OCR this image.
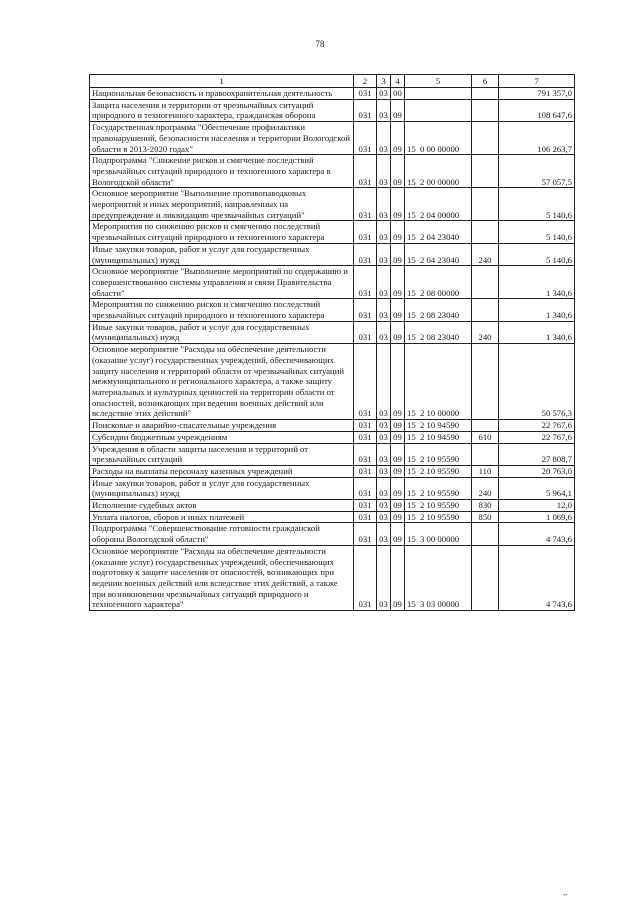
78
1	2	3	4	5	6	7
Национальная безопасность и правоохранительная деятельность	031	03	00			791 357,0
Защита населения и территории от чрезвычайных ситуаций природного и техногенного характера, гражданская оборона	031	03	09			108 647,6
Государственная программа "Обеспечение профилактики правонарушений, безопасности населения и территории Вологодской области в 2013-2020 годах"	031	03	09	15  0 00 00000		106 263,7
Подпрограмма "Снижение рисков и смягчение последствий чрезвычайных ситуаций природного и техногенного характера в Вологодской области"	031	03	09	15  2 00 00000		57 057,5
Основное мероприятие "Выполнение противопаводковых мероприятий и иных мероприятий, направленных на предупреждение и ликвидацию чрезвычайных ситуаций"	031	03	09	15  2 04 00000		5 140,6
Мероприятия по снижению рисков и смягчению последствий чрезвычайных ситуаций природного и техногенного характера	031	03	09	15  2 04 23040		5 140,6
Иные закупки товаров, работ и услуг для государственных (муниципальных) нужд	031	03	09	15  2 04 23040	240	5 140,6
Основное мероприятие "Выполнение мероприятий по содержанию и совершенствованию системы управления и связи Правительства области"	031	03	09	15  2 08 00000		1 340,6
Мероприятия по снижению рисков и смягчению последствий чрезвычайных ситуаций природного и техногенного характера	031	03	09	15  2 08 23040		1 340,6
Иные закупки товаров, работ и услуг для государственных (муниципальных) нужд	031	03	09	15  2 08 23040	240	1 340,6
Основное мероприятие "Расходы на обеспечение деятельности (оказание услуг) государственных учреждений, обеспечивающих защиту населения и территорий области от чрезвычайных ситуаций межмуниципального и регионального характера, а также защиту материальных и культурных ценностей на территории области от опасностей, возникающих при ведении военных действий или вследствие этих действий"	031	03	09	15  2 10 00000		50 576,3
Поисковые и аварийно-спасательные учреждения	031	03	09	15  2 10 94590		22 767,6
Субсидии бюджетным учреждениям	031	03	09	15  2 10 94590	610	22 767,6
Учреждения в области защиты населения и территорий от чрезвычайных ситуаций	031	03	09	15  2 10 95590		27 808,7
Расходы на выплаты персоналу казенных учреждений	031	03	09	15  2 10 95590	110	20 763,0
Иные закупки товаров, работ и услуг для государственных (муниципальных) нужд	031	03	09	15  2 10 95590	240	5 964,1
Исполнение судебных актов	031	03	09	15  2 10 95590	830	12,0
Уплата налогов, сборов и иных платежей	031	03	09	15  2 10 95590	850	1 069,6
Подпрограмма "Совершенствование готовности гражданской обороны Вологодской области"	031	03	09	15  3 00 00000		4 743,6
Основное мероприятие "Расходы на обеспечение деятельности (оказание услуг) государственных учреждений, обеспечивающих подготовку к защите населения от опасностей, возникающих при ведении военных действий или вследствие этих действий, а также при возникновении чрезвычайных ситуаций природного и техногенного характера"	031	03	09	15  3 03 00000		4 743,6
••
